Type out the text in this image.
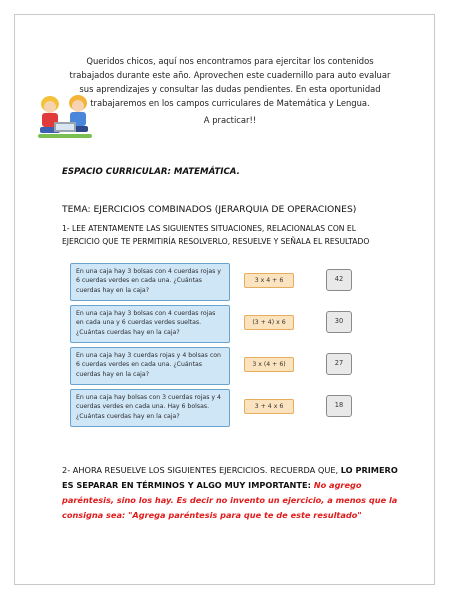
Queridos chicos, aquí nos encontramos para ejercitar los contenidos trabajados durante este año. Aprovechen este cuadernillo para auto evaluar sus aprendizajes y consultar las dudas pendientes. En esta oportunidad trabajaremos en los campos curriculares de Matemática y Lengua.

A practicar!!

ESPACIO CURRICULAR: MATEMÁTICA.
TEMA: EJERCICIOS COMBINADOS (JERARQUIA DE OPERACIONES)
1- LEE ATENTAMENTE LAS SIGUIENTES SITUACIONES, RELACIONALAS CON EL EJERCICIO QUE TE PERMITIRÍA RESOLVERLO, RESUELVE Y SEÑALA EL RESULTADO
En una caja hay 3 bolsas con 4 cuerdas rojas y 6 cuerdas verdes en cada una. ¿Cuántas cuerdas hay en la caja?
3 x 4 + 6	42
En una caja hay 3 bolsas con 4 cuerdas rojas en cada una y 6 cuerdas verdes sueltas. ¿Cuántas cuerdas hay en la caja?
(3 + 4) x 6	30
En una caja hay 3 cuerdas rojas y 4 bolsas con 6 cuerdas verdes en cada una. ¿Cuántas cuerdas hay en la caja?
3 x (4 + 6)	27
En una caja hay bolsas con 3 cuerdas rojas y 4 cuerdas verdes en cada una. Hay 6 bolsas. ¿Cuántas cuerdas hay en la caja?
3 + 4 x 6	18
2- AHORA RESUELVE LOS SIGUIENTES EJERCICIOS. RECUERDA QUE, LO PRIMERO ES SEPARAR EN TÉRMINOS Y ALGO MUY IMPORTANTE: No agrego paréntesis, sino los hay. Es decir no invento un ejercicio, a menos que la consigna sea: "Agrega paréntesis para que te de este resultado"
